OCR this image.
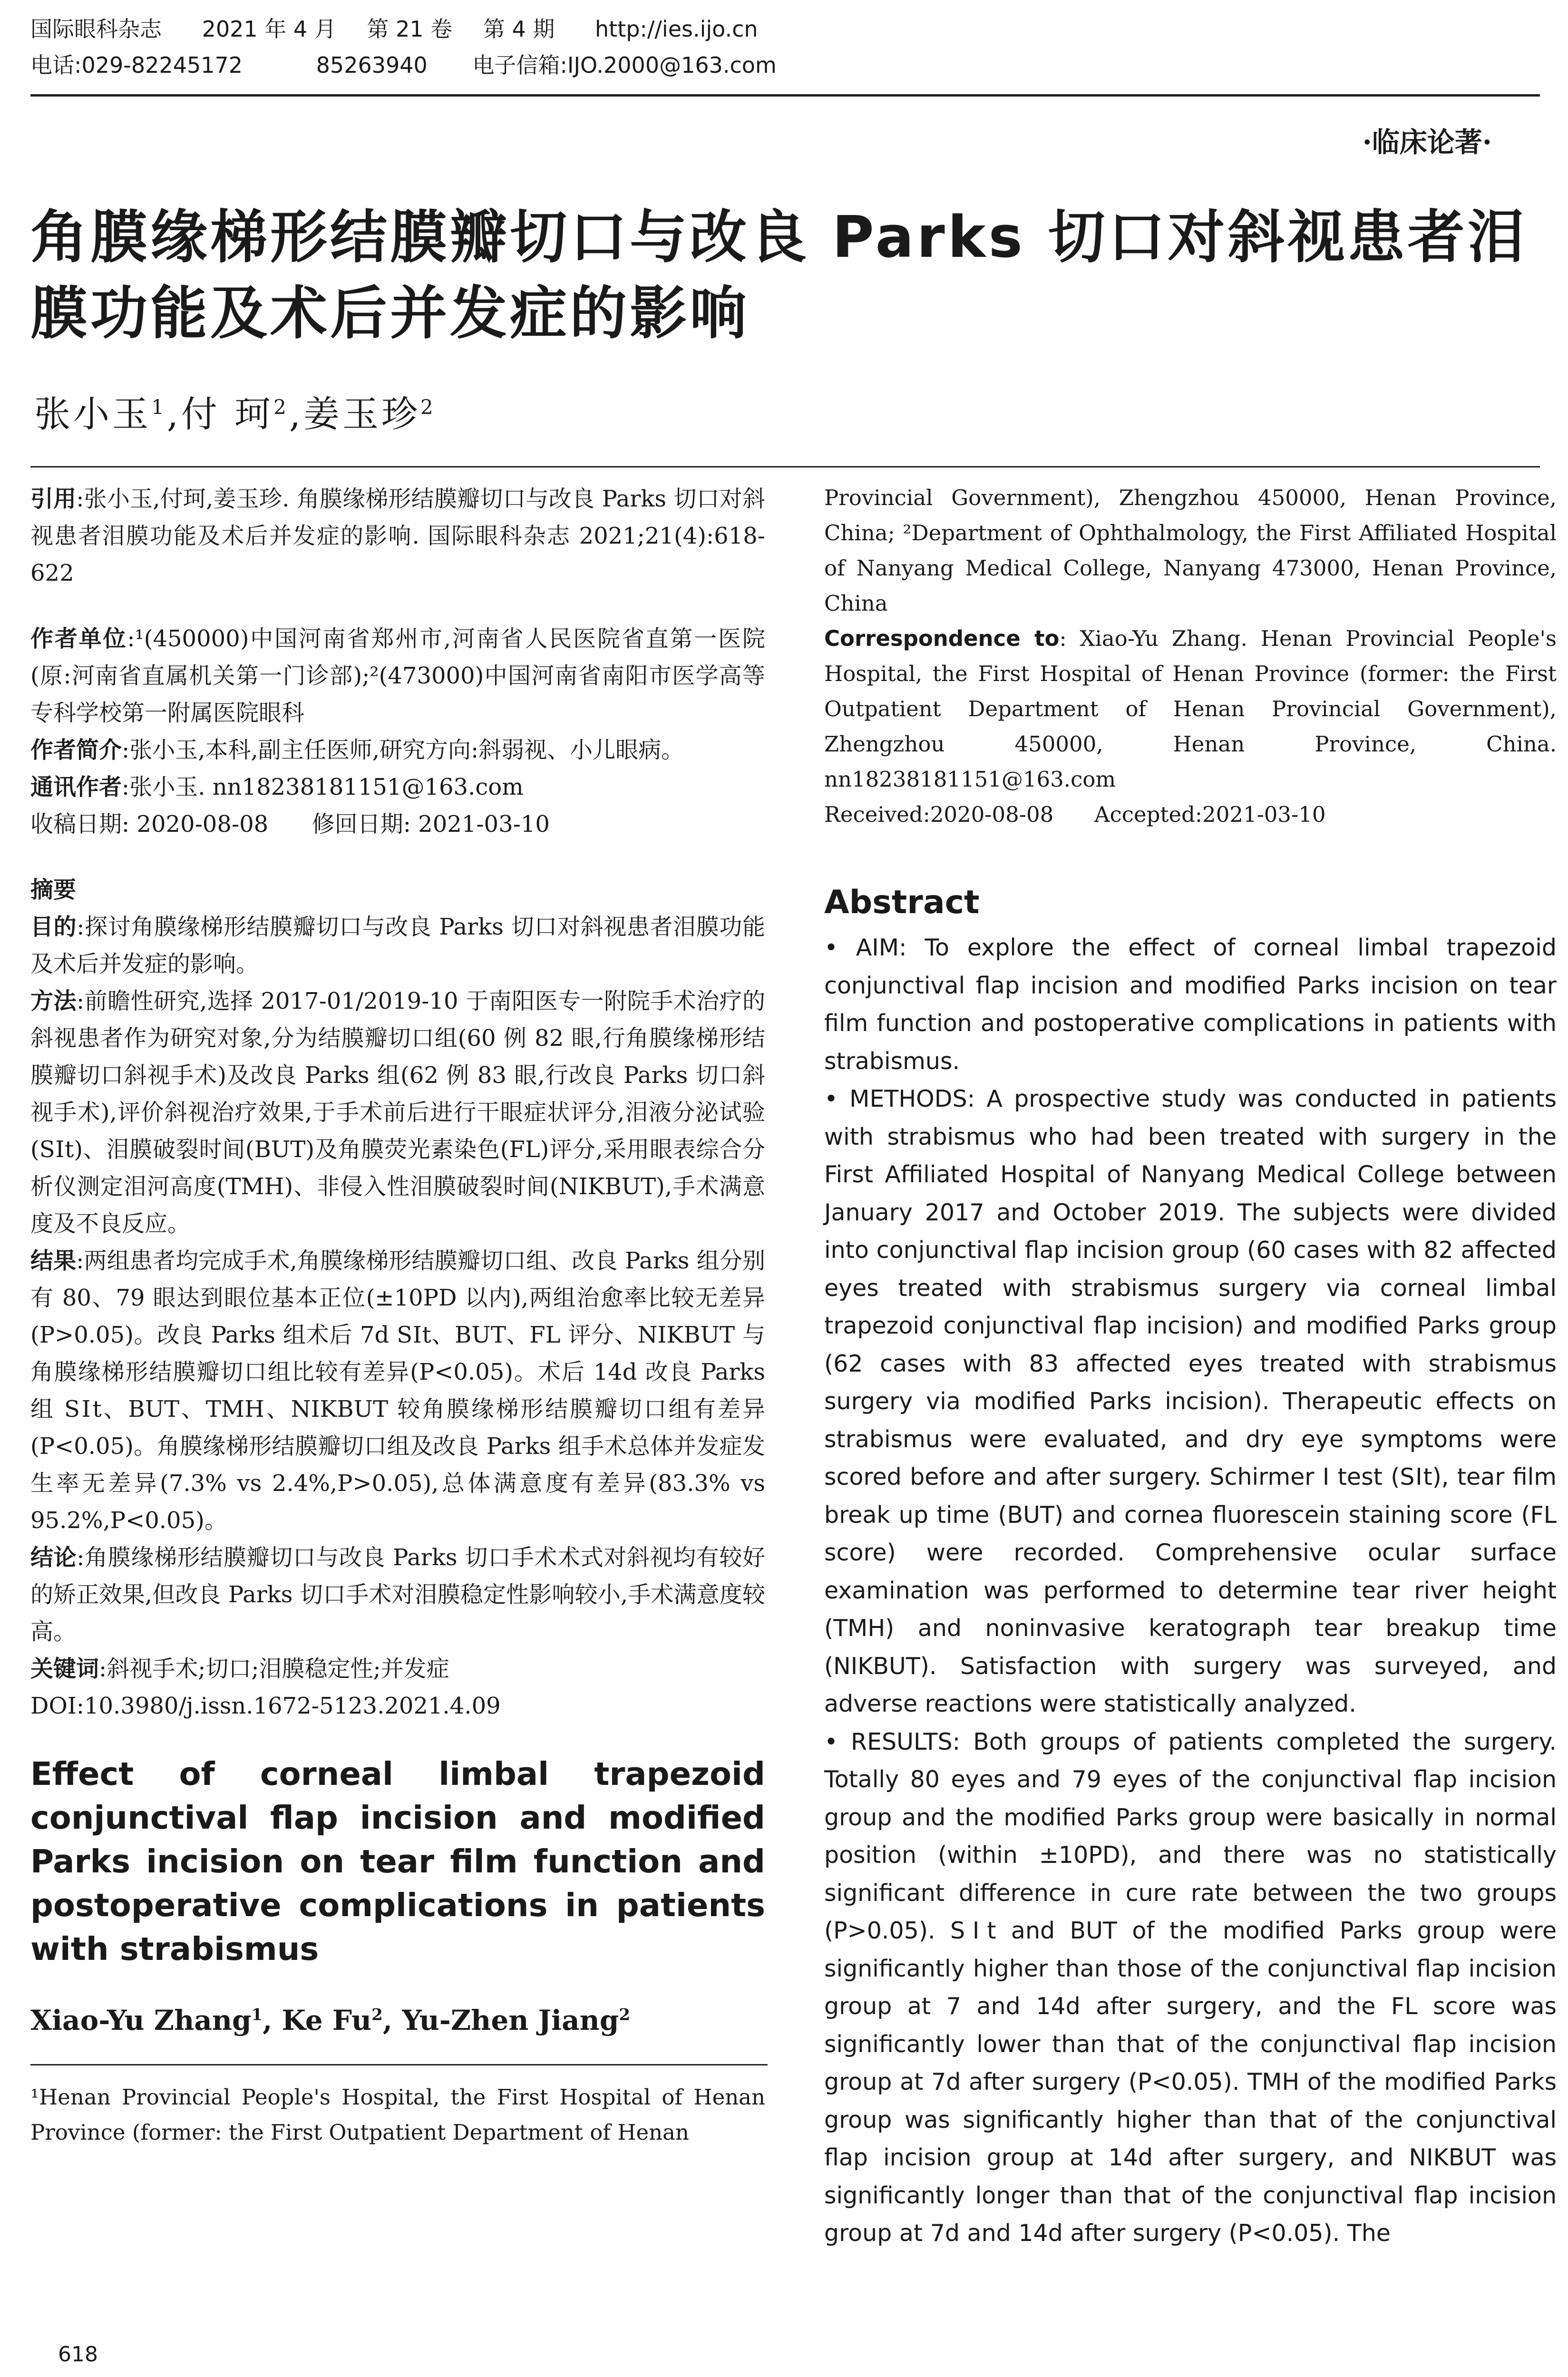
国际眼科杂志 2021 年 4 月 第 21 卷 第 4 期 http://ies.ijo.cn
电话:029-82245172	85263940 电子信箱:IJO.2000@163.com
·临床论著·
角膜缘梯形结膜瓣切口与改良 Parks 切口对斜视患者泪膜功能及术后并发症的影响
张小玉$^1$,付 珂$^2$,姜玉珍$^2$

引用:张小玉,付珂,姜玉珍. 角膜缘梯形结膜瓣切口与改良 Parks 切口对斜视患者泪膜功能及术后并发症的影响. 国际眼科杂志 2021;21(4):618-622

作者单位:¹(450000)中国河南省郑州市,河南省人民医院省直第一医院(原:河南省直属机关第一门诊部);²(473000)中国河南省南阳市医学高等专科学校第一附属医院眼科

作者简介:张小玉,本科,副主任医师,研究方向:斜弱视、小儿眼病。

通讯作者:张小玉. nn18238181151@163.com

收稿日期: 2020-08-08      修回日期: 2021-03-10

摘要

目的:探讨角膜缘梯形结膜瓣切口与改良 Parks 切口对斜视患者泪膜功能及术后并发症的影响。

方法:前瞻性研究,选择 2017-01/2019-10 于南阳医专一附院手术治疗的斜视患者作为研究对象,分为结膜瓣切口组(60 例 82 眼,行角膜缘梯形结膜瓣切口斜视手术)及改良 Parks 组(62 例 83 眼,行改良 Parks 切口斜视手术),评价斜视治疗效果,于手术前后进行干眼症状评分,泪液分泌试验(SⅠt)、泪膜破裂时间(BUT)及角膜荧光素染色(FL)评分,采用眼表综合分析仪测定泪河高度(TMH)、非侵入性泪膜破裂时间(NIKBUT),手术满意度及不良反应。

结果:两组患者均完成手术,角膜缘梯形结膜瓣切口组、改良 Parks 组分别有 80、79 眼达到眼位基本正位(±10PD 以内),两组治愈率比较无差异(P>0.05)。改良 Parks 组术后 7d SⅠt、BUT、FL 评分、NIKBUT 与角膜缘梯形结膜瓣切口组比较有差异(P<0.05)。术后 14d 改良 Parks 组 SⅠt、BUT、TMH、NIKBUT 较角膜缘梯形结膜瓣切口组有差异(P<0.05)。角膜缘梯形结膜瓣切口组及改良 Parks 组手术总体并发症发生率无差异(7.3% vs 2.4%,P>0.05),总体满意度有差异(83.3% vs 95.2%,P<0.05)。

结论:角膜缘梯形结膜瓣切口与改良 Parks 切口手术术式对斜视均有较好的矫正效果,但改良 Parks 切口手术对泪膜稳定性影响较小,手术满意度较高。

关键词:斜视手术;切口;泪膜稳定性;并发症

DOI:10.3980/j.issn.1672-5123.2021.4.09

Effect of corneal limbal trapezoid conjunctival flap incision and modified Parks incision on tear film function and postoperative complications in patients with strabismus
Xiao-Yu Zhang$^1$, Ke Fu$^2$, Yu-Zhen Jiang$^2$

¹Henan Provincial People's Hospital, the First Hospital of Henan Province (former: the First Outpatient Department of Henan

Provincial Government), Zhengzhou 450000, Henan Province, China; ²Department of Ophthalmology, the First Affiliated Hospital of Nanyang Medical College, Nanyang 473000, Henan Province, China

Correspondence to: Xiao-Yu Zhang. Henan Provincial People's Hospital, the First Hospital of Henan Province (former: the First Outpatient Department of Henan Provincial Government), Zhengzhou 450000, Henan Province, China. nn18238181151@163.com

Received:2020-08-08      Accepted:2021-03-10

Abstract

• AIM: To explore the effect of corneal limbal trapezoid conjunctival flap incision and modified Parks incision on tear film function and postoperative complications in patients with strabismus.

• METHODS: A prospective study was conducted in patients with strabismus who had been treated with surgery in the First Affiliated Hospital of Nanyang Medical College between January 2017 and October 2019. The subjects were divided into conjunctival flap incision group (60 cases with 82 affected eyes treated with strabismus surgery via corneal limbal trapezoid conjunctival flap incision) and modified Parks group (62 cases with 83 affected eyes treated with strabismus surgery via modified Parks incision). Therapeutic effects on strabismus were evaluated, and dry eye symptoms were scored before and after surgery. Schirmer I test (SⅠt), tear film break up time (BUT) and cornea fluorescein staining score (FL score) were recorded. Comprehensive ocular surface examination was performed to determine tear river height (TMH) and noninvasive keratograph tear breakup time (NIKBUT). Satisfaction with surgery was surveyed, and adverse reactions were statistically analyzed.

• RESULTS: Both groups of patients completed the surgery. Totally 80 eyes and 79 eyes of the conjunctival flap incision group and the modified Parks group were basically in normal position (within ±10PD), and there was no statistically significant difference in cure rate between the two groups (P>0.05). SⅠt and BUT of the modified Parks group were significantly higher than those of the conjunctival flap incision group at 7 and 14d after surgery, and the FL score was significantly lower than that of the conjunctival flap incision group at 7d after surgery (P<0.05). TMH of the modified Parks group was significantly higher than that of the conjunctival flap incision group at 14d after surgery, and NIKBUT was significantly longer than that of the conjunctival flap incision group at 7d and 14d after surgery (P<0.05). The

618
